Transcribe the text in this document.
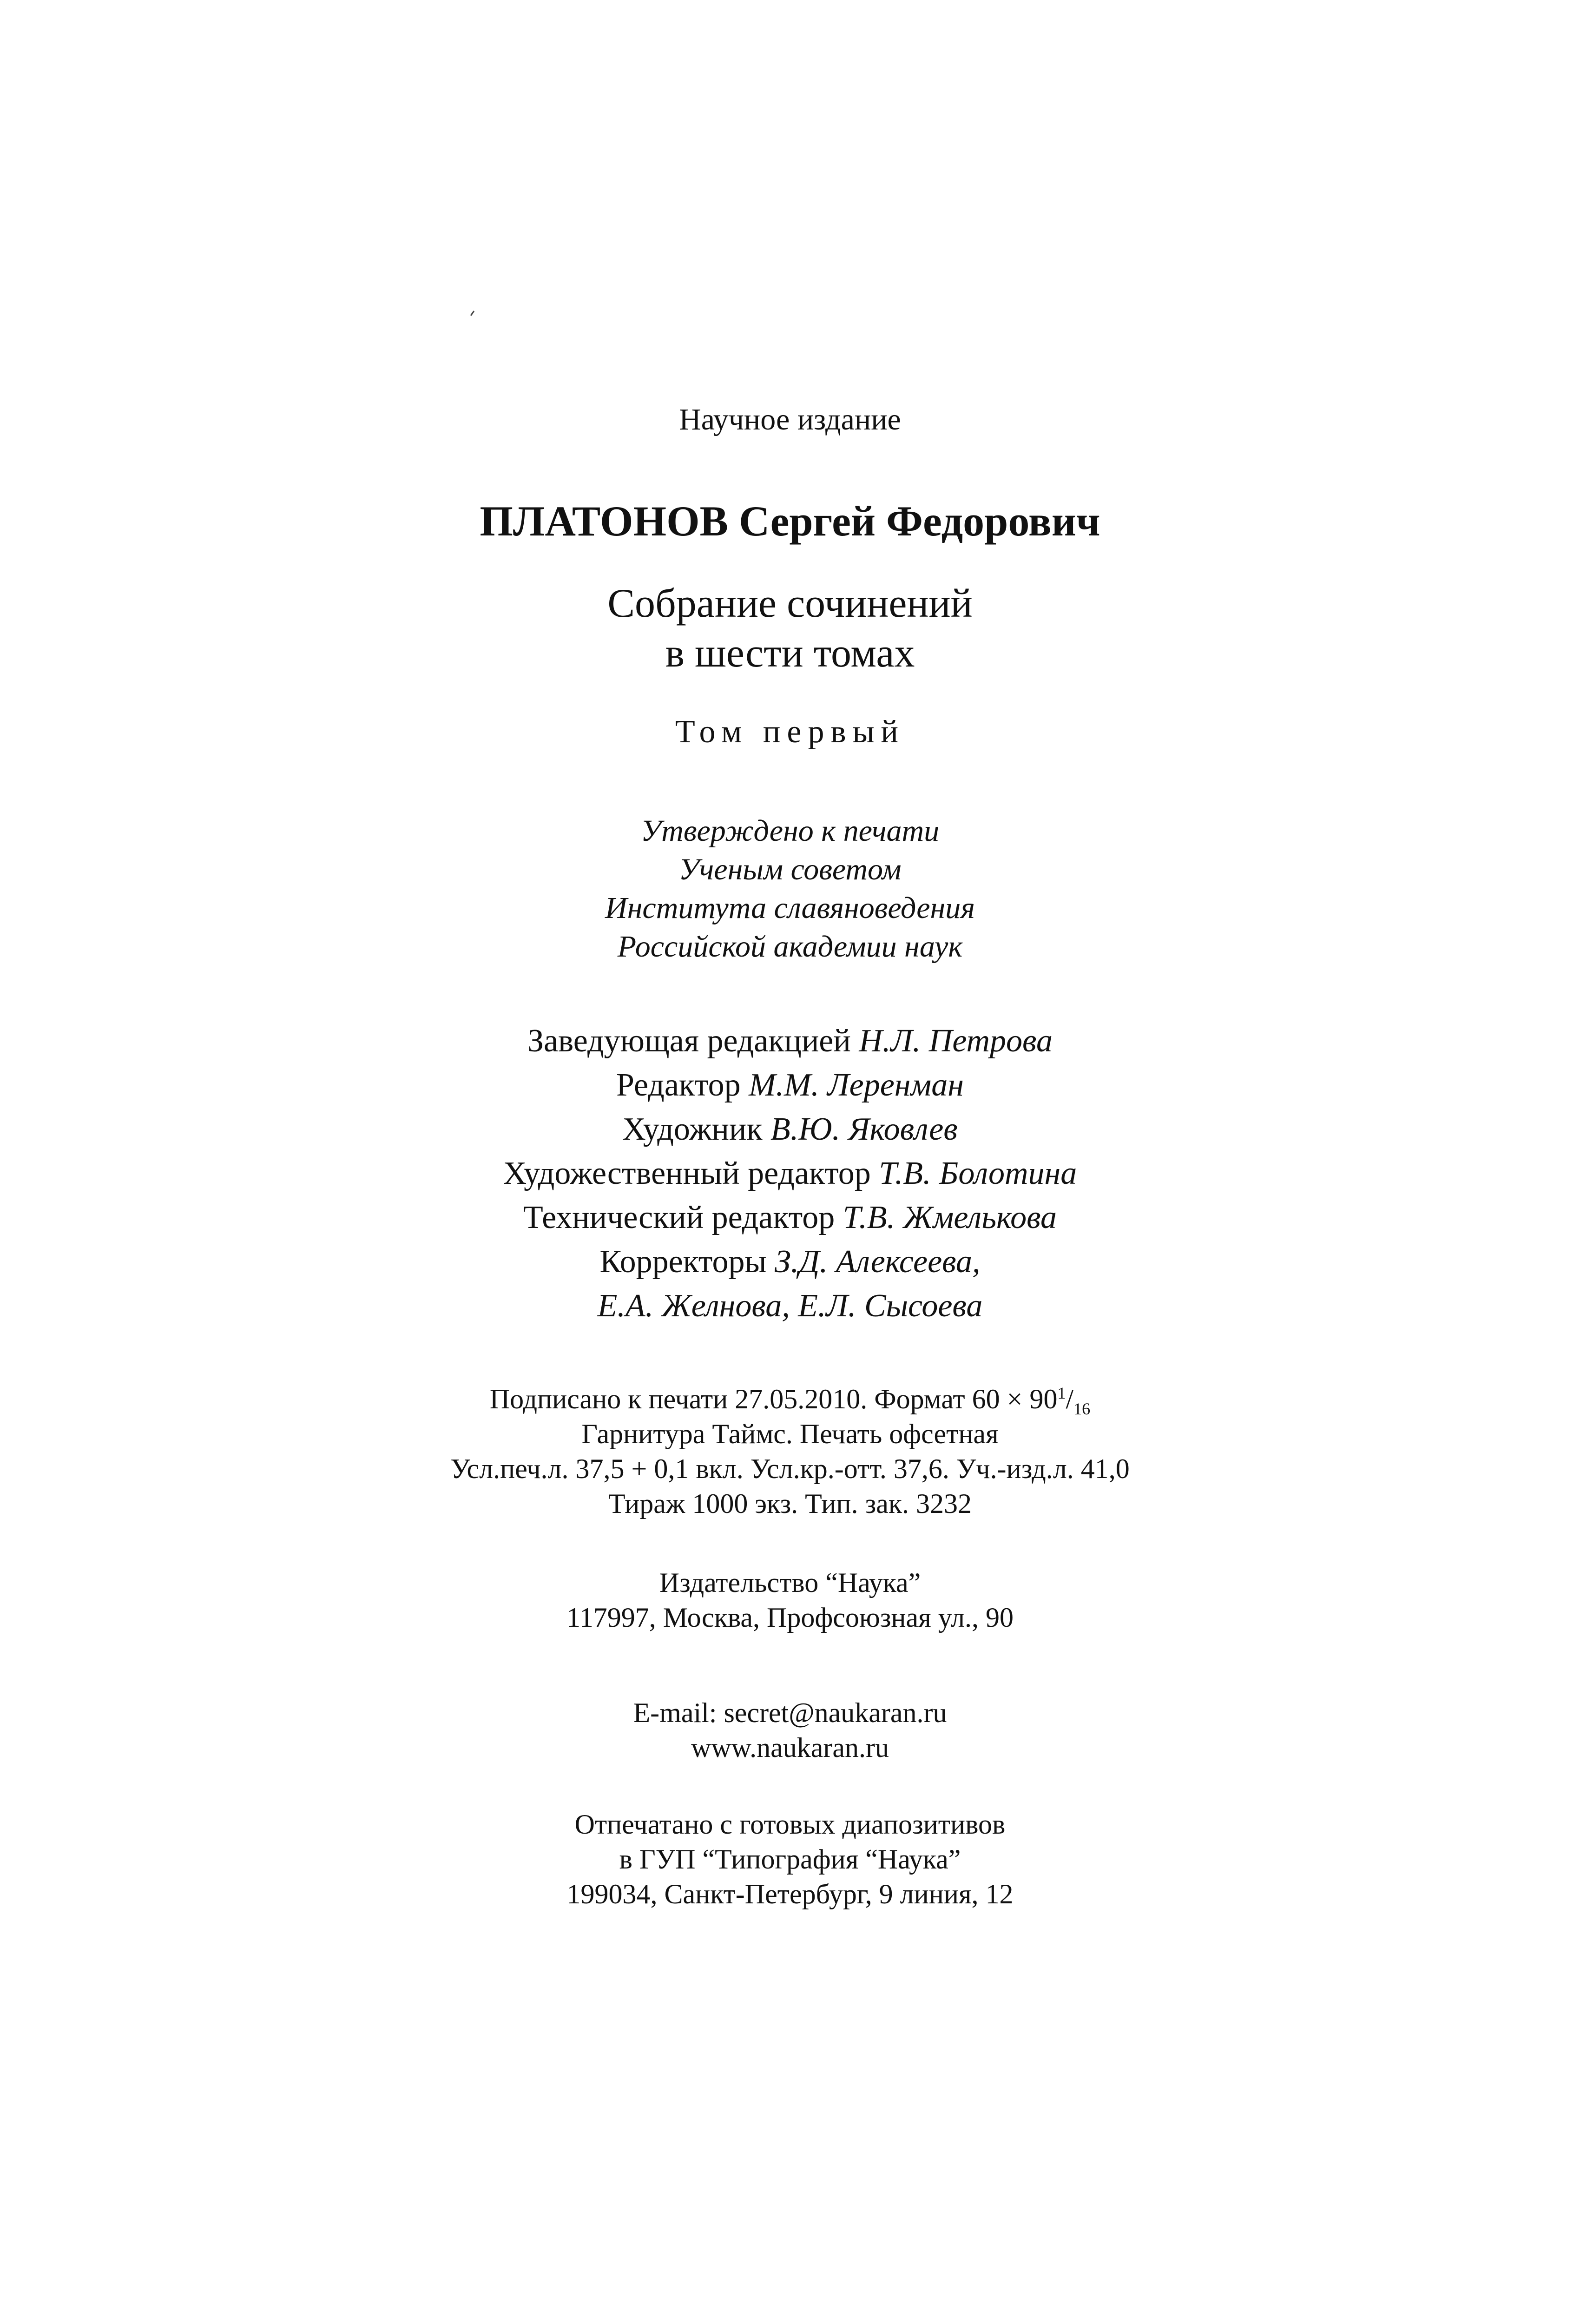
Научное издание
ПЛАТОНОВ Сергей Федорович
Собрание сочинений
в шести томах
Том первый
Утверждено к печати
Ученым советом
Института славяноведения
Российской академии наук
Заведующая редакцией Н.Л. Петрова
Редактор М.М. Леренман
Художник В.Ю. Яковлев
Художественный редактор Т.В. Болотина
Технический редактор Т.В. Жмелькова
Корректоры З.Д. Алексеева,
Е.А. Желнова, Е.Л. Сысоева
Подписано к печати 27.05.2010. Формат $60 \times 90^1/_{16}$
Гарнитура Таймс. Печать офсетная
Усл.печ.л. 37,5 + 0,1 вкл. Усл.кр.-отт. 37,6. Уч.-изд.л. 41,0
Тираж 1000 экз. Тип. зак. 3232
Издательство “Наука”
117997, Москва, Профсоюзная ул., 90
E-mail: secret@naukaran.ru
www.naukaran.ru
Отпечатано с готовых диапозитивов
в ГУП “Типография “Наука”
199034, Санкт-Петербург, 9 линия, 12
